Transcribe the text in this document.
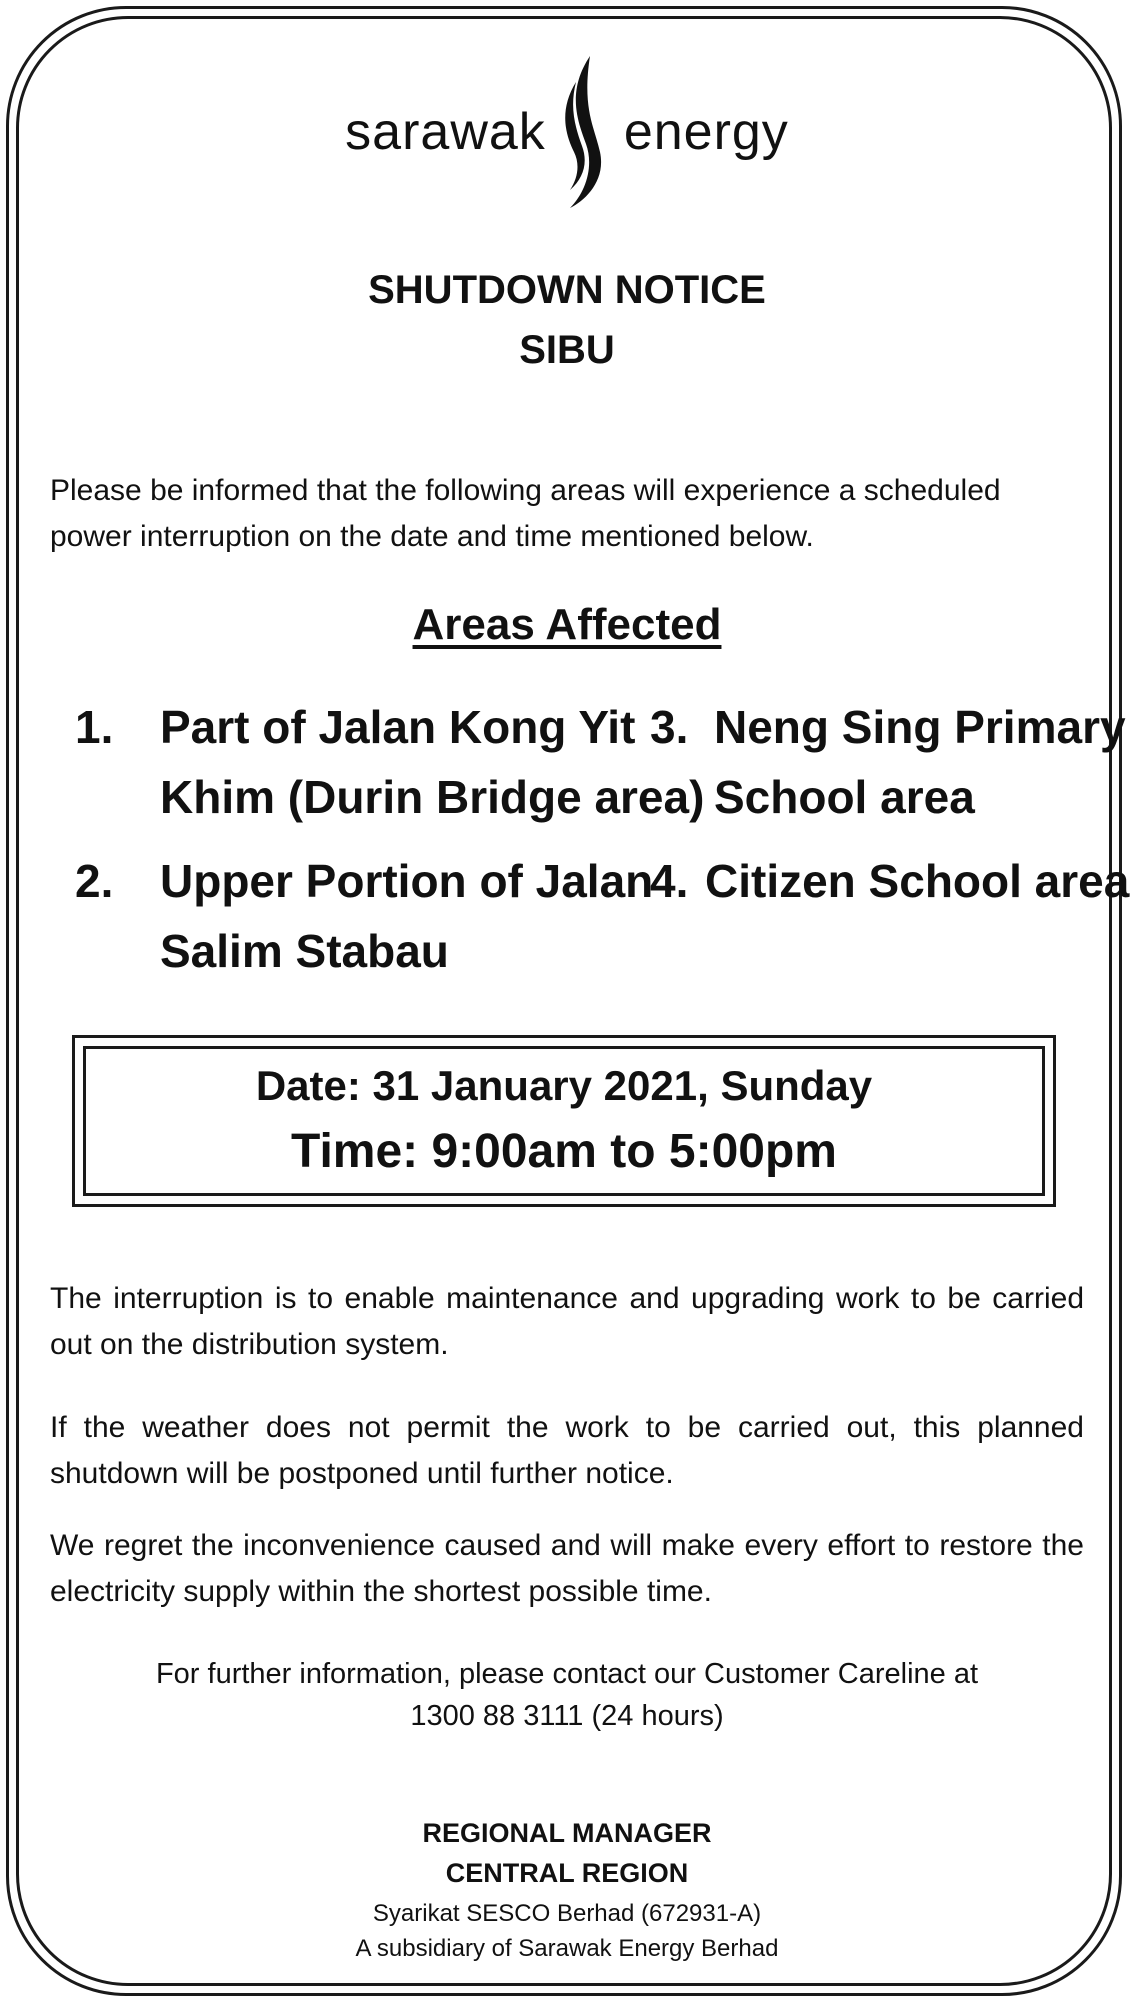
sarawak energy
SHUTDOWN NOTICE
SIBU
Please be informed that the following areas will experience a scheduled power interruption on the date and time mentioned below.
Areas Affected
1.	Part of Jalan Kong Yit
Khim (Durin Bridge area)
2.	Upper Portion of Jalan
Salim Stabau
3. Neng Sing Primary
School area
4. Citizen School area
Date: 31 January 2021, Sunday
Time: 9:00am to 5:00pm
The interruption is to enable maintenance and upgrading work to be carried out on the distribution system.
If the weather does not permit the work to be carried out, this planned shutdown will be postponed until further notice.
We regret the inconvenience caused and will make every effort to restore the electricity supply within the shortest possible time.
For further information, please contact our Customer Careline at
1300 88 3111 (24 hours)
REGIONAL MANAGER
CENTRAL REGION
Syarikat SESCO Berhad (672931-A)
A subsidiary of Sarawak Energy Berhad
